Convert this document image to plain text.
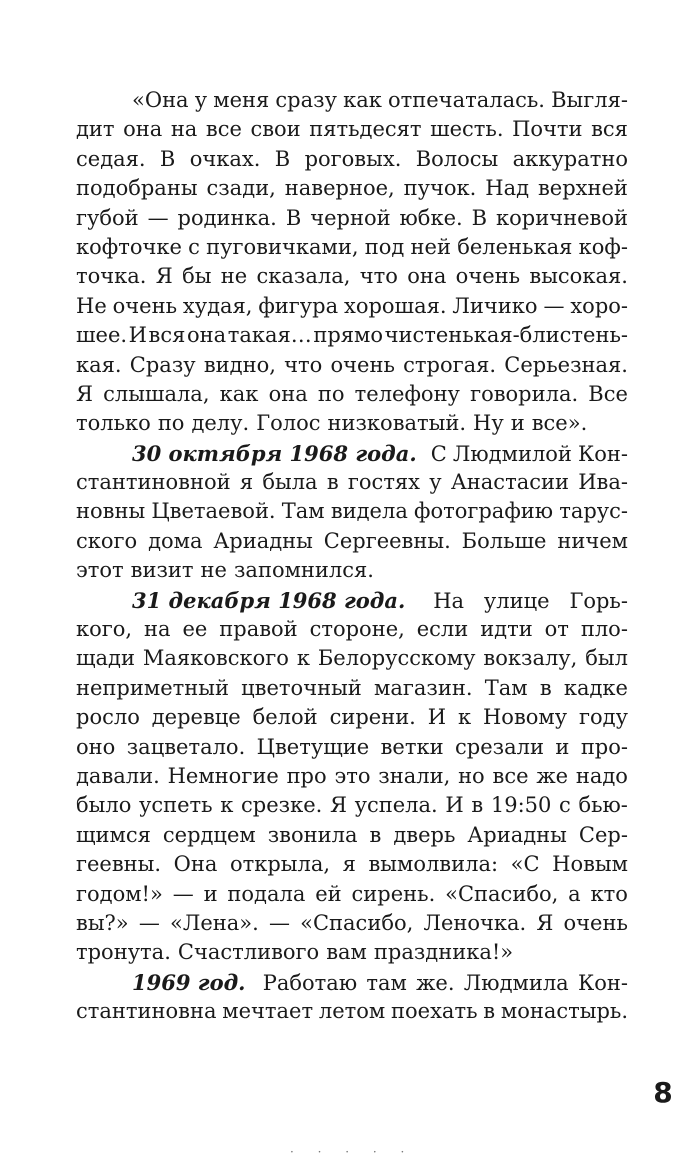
«Она у меня сразу как отпечаталась. Выгля-
дит она на все свои пятьдесят шесть. Почти вся
седая. В очках. В роговых. Волосы аккуратно
подобраны сзади, наверное, пучок. Над верхней
губой — родинка. В черной юбке. В коричневой
кофточке с пуговичками, под ней беленькая коф-
точка. Я бы не сказала, что она очень высокая.
Не очень худая, фигура хорошая. Личико — хоро-
шее. И вся она такая… прямо чистенькая-блистень-
кая. Сразу видно, что очень строгая. Серьезная.
Я слышала, как она по телефону говорила. Все
только по делу. Голос низковатый. Ну и все».
30 октября 1968 года. С Людмилой Кон-
стантиновной я была в гостях у Анастасии Ива-
новны Цветаевой. Там видела фотографию тарус-
ского дома Ариадны Сергеевны. Больше ничем
этот визит не запомнился.
31 декабря 1968 года. На улице Горь-
кого, на ее правой стороне, если идти от пло-
щади Маяковского к Белорусскому вокзалу, был
неприметный цветочный магазин. Там в кадке
росло деревце белой сирени. И к Новому году
оно зацветало. Цветущие ветки срезали и про-
давали. Немногие про это знали, но все же надо
было успеть к срезке. Я успела. И в 19:50 с бью-
щимся сердцем звонила в дверь Ариадны Сер-
геевны. Она открыла, я вымолвила: «С Новым
годом!» — и подала ей сирень. «Спасибо, а кто
вы?» — «Лена». — «Спасибо, Леночка. Я очень
тронута. Счастливого вам праздника!»
1969 год. Работаю там же. Людмила Кон-
стантиновна мечтает летом поехать в монастырь.
8
· · · · ·
